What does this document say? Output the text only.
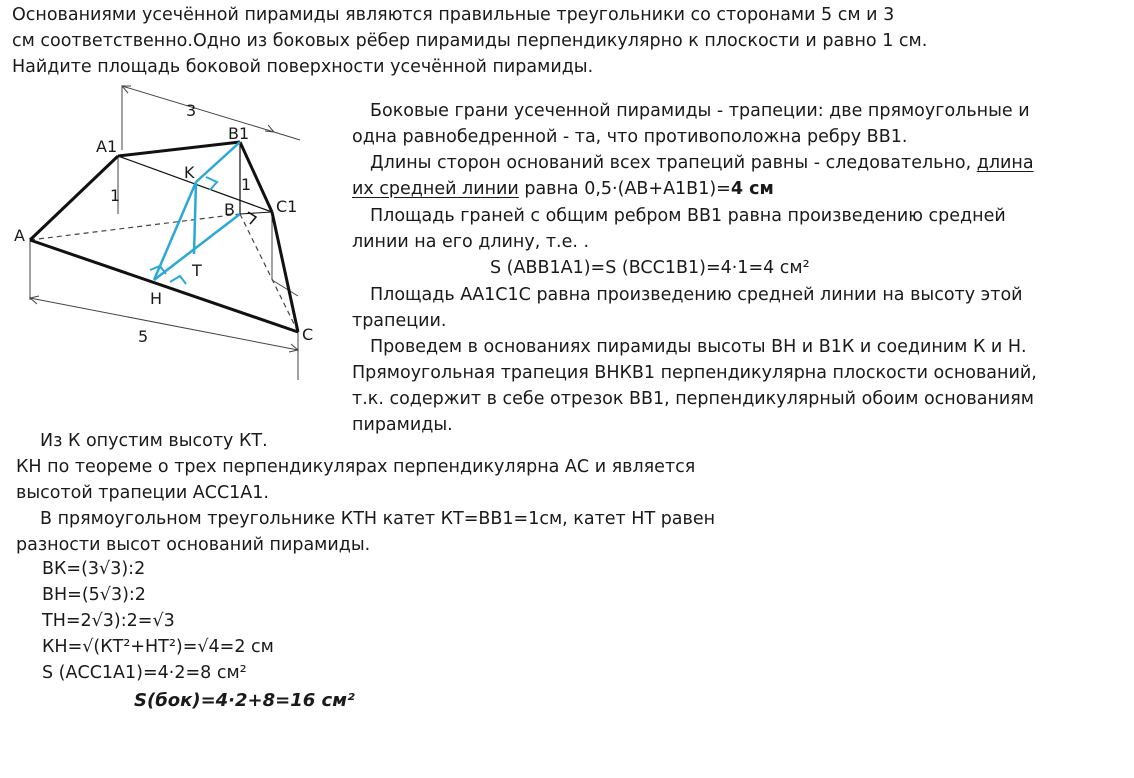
Основаниями усечённой пирамиды являются правильные треугольники со сторонами 5 см и 3
см соответственно.Одно из боковых рёбер пирамиды перпендикулярно к плоскости и равно 1 см.
Найдите площадь боковой поверхности усечённой пирамиды.
3
5
1
1
A
A1
B1
B	C1
C
K
T
H
Боковые грани усеченной пирамиды - трапеции: две прямоугольные и
одна равнобедренной - та, что противоположна ребру ВВ1.
Длины сторон оснований всех трапеций равны - следовательно, длина
их средней линии равна 0,5·(АВ+А1В1)=4 см
Площадь граней с общим ребром ВВ1 равна произведению средней
линии на его длину, т.е. .
S (ABB1A1)=S (BCC1B1)=4·1=4 см²
Площадь АА1С1С равна произведению средней линии на высоту этой
трапеции.
Проведем в основаниях пирамиды высоты ВН и В1К и соединим К и Н.
Прямоугольная трапеция ВНКВ1 перпендикулярна плоскости оснований,
т.к. содержит в себе отрезок ВВ1, перпендикулярный обоим основаниям
пирамиды.
Из К опустим высоту КТ.
КН по теореме о трех перпендикулярах перпендикулярна АС и является
высотой трапеции АСС1А1.
В прямоугольном треугольнике КТН катет КТ=ВВ1=1см, катет НТ равен
разности высот оснований пирамиды.
ВК=(3√3):2
ВН=(5√3):2
ТН=2√3):2=√3
КН=√(КТ²+НТ²)=√4=2 см
S (АСС1А1)=4·2=8 см²
S(бок)=4·2+8=16 см²
